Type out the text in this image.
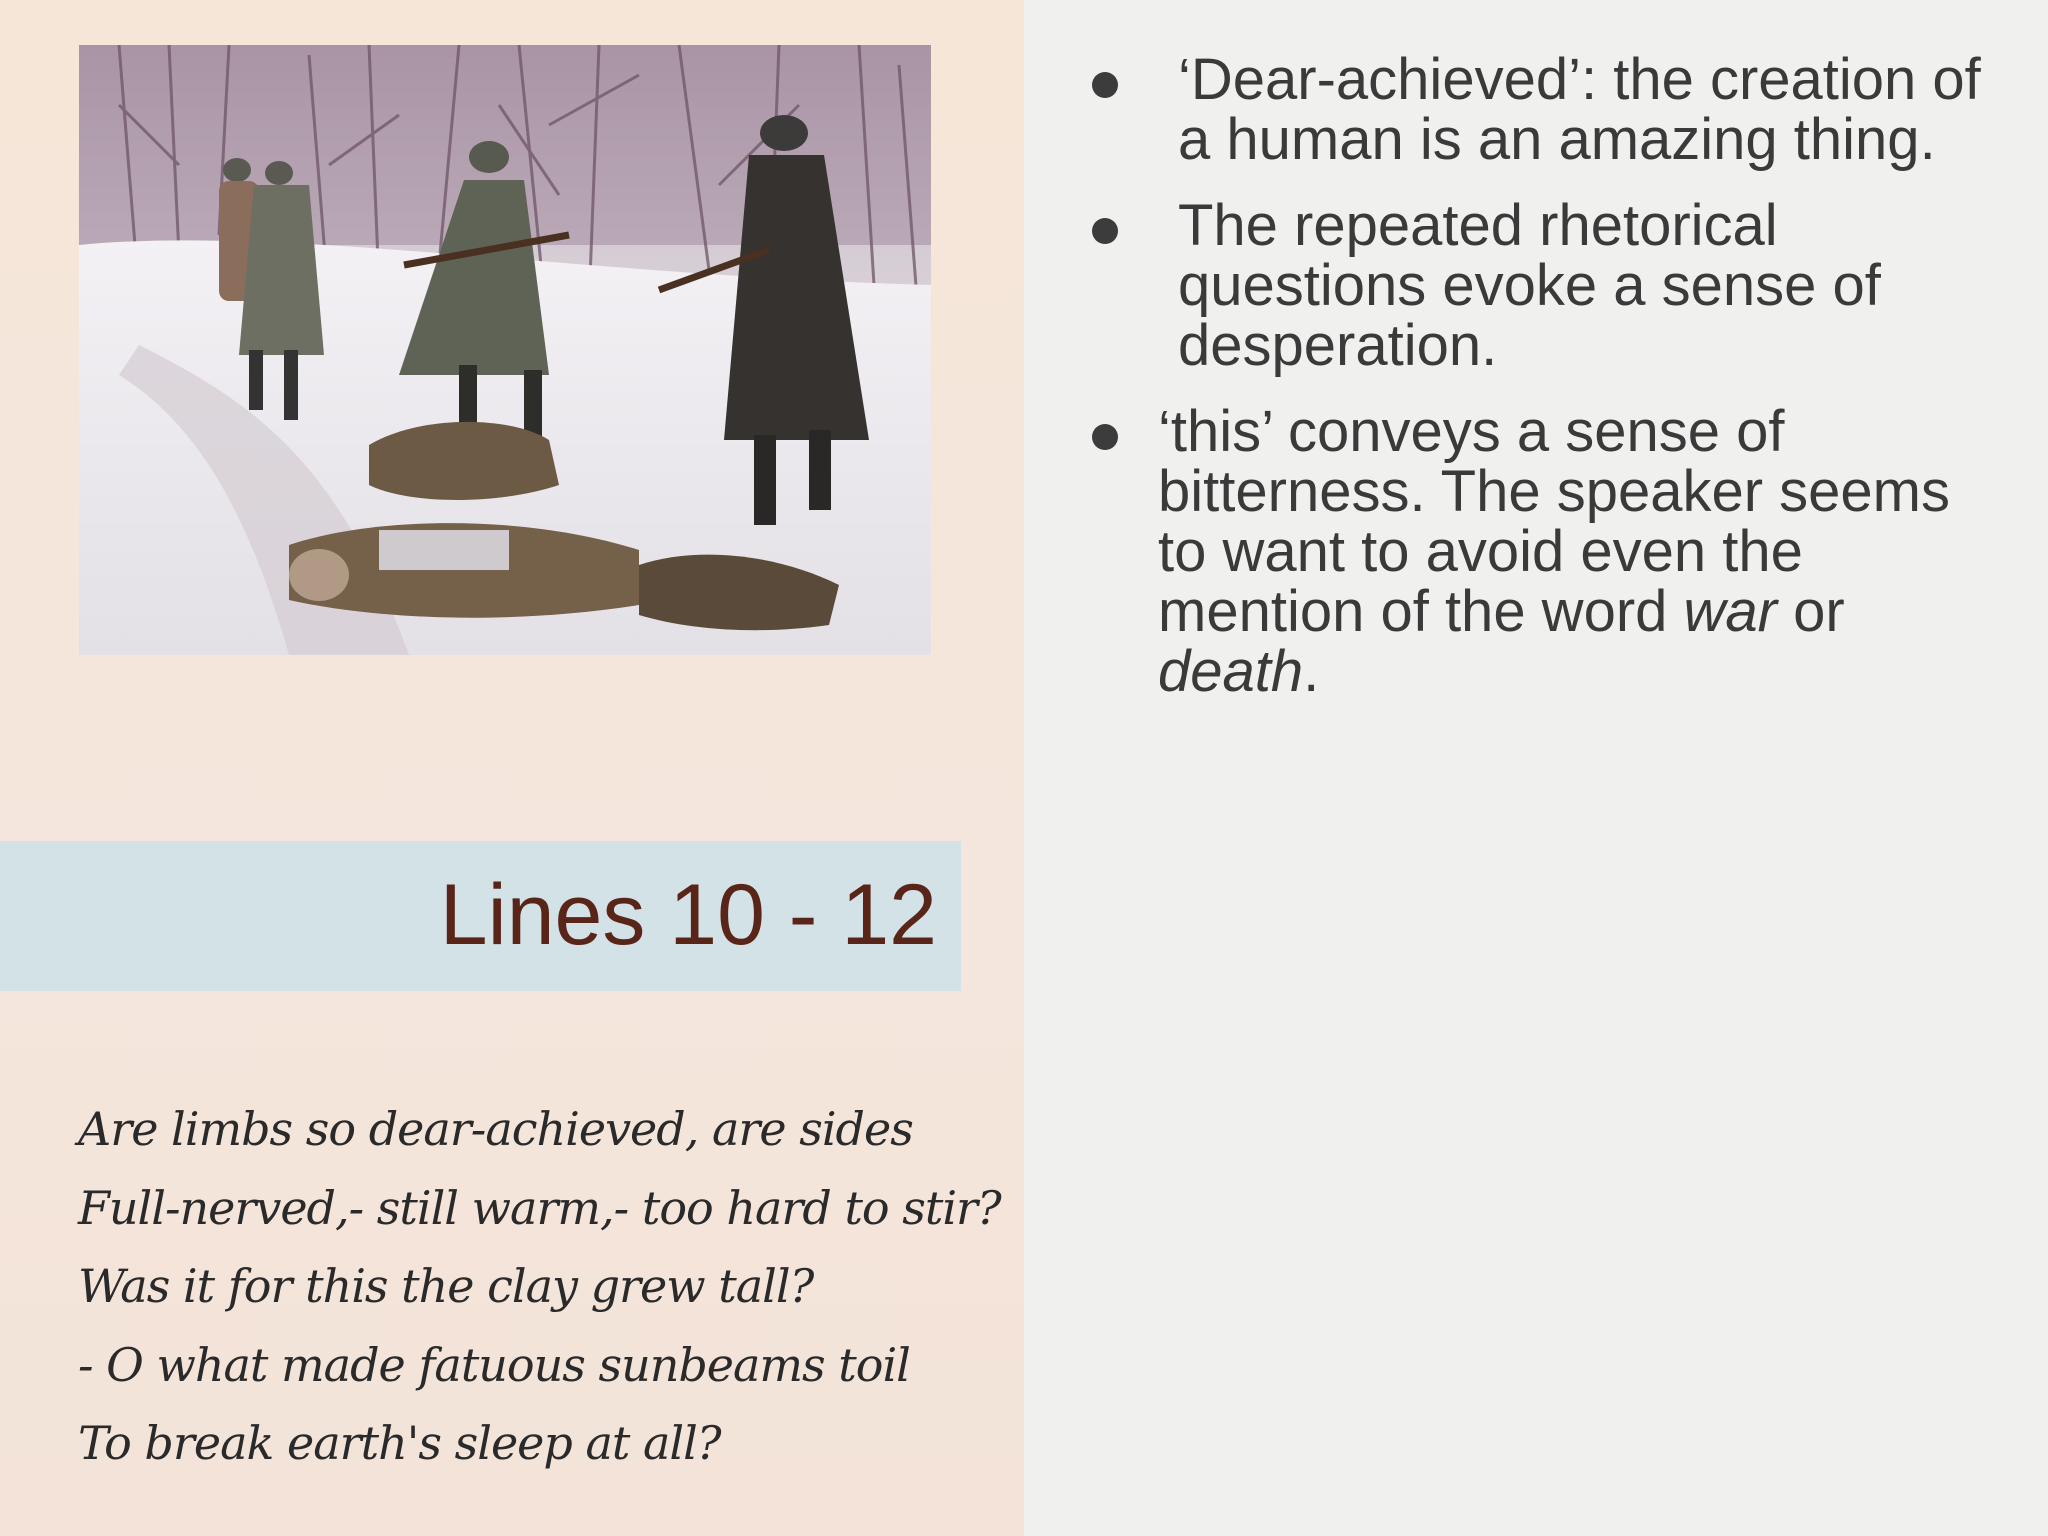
Lines 10 - 12
Are limbs so dear-achieved, are sides
Full-nerved,- still warm,- too hard to stir?
Was it for this the clay grew tall?
- O what made fatuous sunbeams toil
To break earth's sleep at all?
‘Dear-achieved’: the creation of a human is an amazing thing.
The repeated rhetorical questions evoke a sense of desperation.
‘this’ conveys a sense of bitterness. The speaker seems to want to avoid even the mention of the word war or death.
